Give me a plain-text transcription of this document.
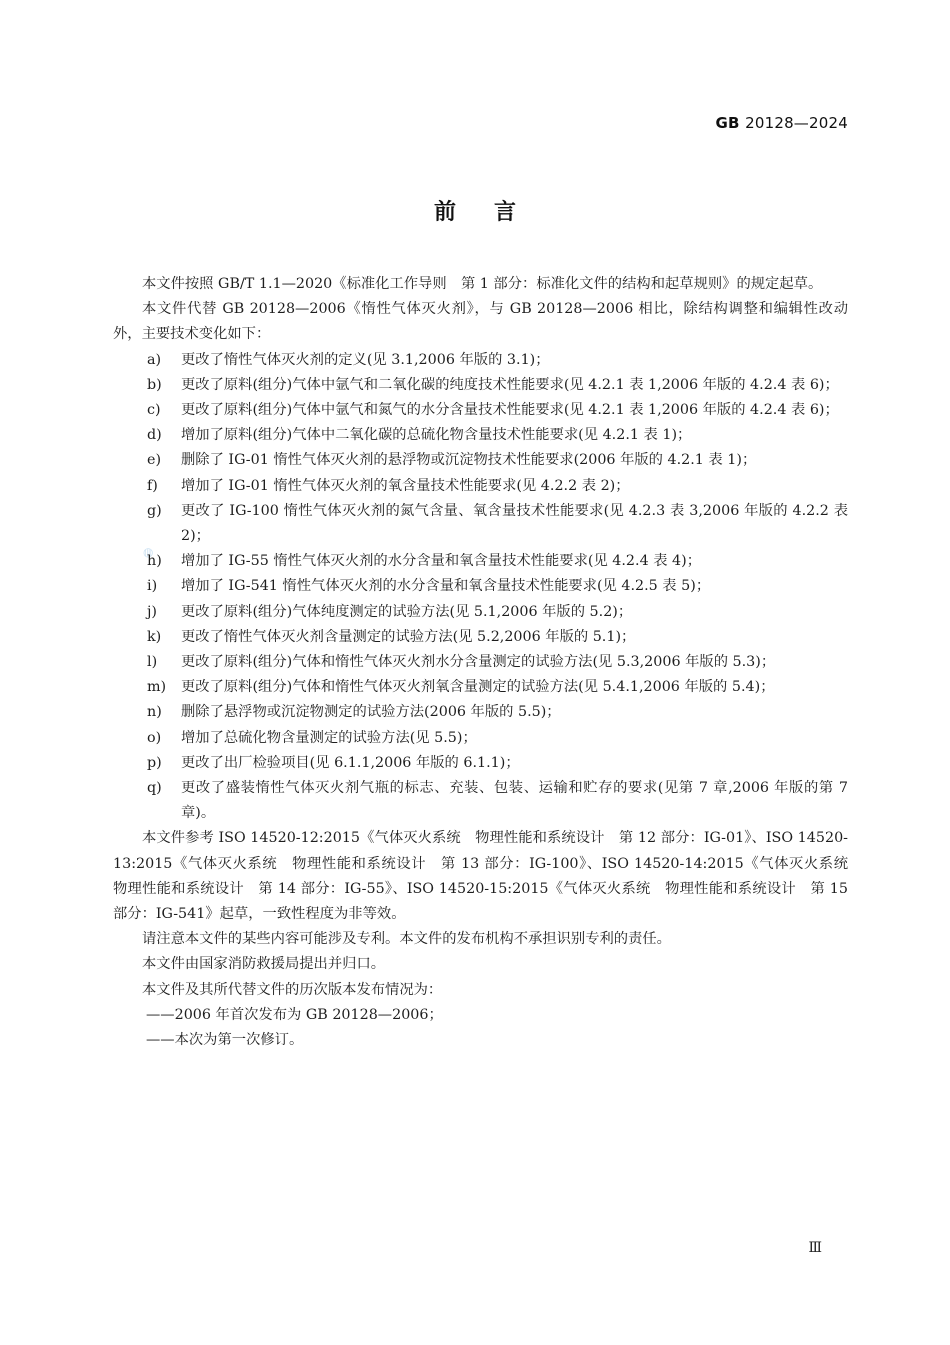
GB 20128—2024
前言
◍

本文件按照 GB/T 1.1—2020《标准化工作导则　第 1 部分：标准化文件的结构和起草规则》的规定起草。

本文件代替 GB 20128—2006《惰性气体灭火剂》，与 GB 20128—2006 相比，除结构调整和编辑性改动外，主要技术变化如下：

a)	更改了惰性气体灭火剂的定义(见 3.1,2006 年版的 3.1)；
b)	更改了原料(组分)气体中氩气和二氧化碳的纯度技术性能要求(见 4.2.1 表 1,2006 年版的 4.2.4 表 6)；
c)	更改了原料(组分)气体中氩气和氮气的水分含量技术性能要求(见 4.2.1 表 1,2006 年版的 4.2.4 表 6)；
d)	增加了原料(组分)气体中二氧化碳的总硫化物含量技术性能要求(见 4.2.1 表 1)；
e)	删除了 IG-01 惰性气体灭火剂的悬浮物或沉淀物技术性能要求(2006 年版的 4.2.1 表 1)；
f)	增加了 IG-01 惰性气体灭火剂的氧含量技术性能要求(见 4.2.2 表 2)；
g)	更改了 IG-100 惰性气体灭火剂的氮气含量、氧含量技术性能要求(见 4.2.3 表 3,2006 年版的 4.2.2 表 2)；
h)	增加了 IG-55 惰性气体灭火剂的水分含量和氧含量技术性能要求(见 4.2.4 表 4)；
i)	增加了 IG-541 惰性气体灭火剂的水分含量和氧含量技术性能要求(见 4.2.5 表 5)；
j)	更改了原料(组分)气体纯度测定的试验方法(见 5.1,2006 年版的 5.2)；
k)	更改了惰性气体灭火剂含量测定的试验方法(见 5.2,2006 年版的 5.1)；
l)	更改了原料(组分)气体和惰性气体灭火剂水分含量测定的试验方法(见 5.3,2006 年版的 5.3)；
m)	更改了原料(组分)气体和惰性气体灭火剂氧含量测定的试验方法(见 5.4.1,2006 年版的 5.4)；
n)	删除了悬浮物或沉淀物测定的试验方法(2006 年版的 5.5)；
o)	增加了总硫化物含量测定的试验方法(见 5.5)；
p)	更改了出厂检验项目(见 6.1.1,2006 年版的 6.1.1)；
q)	更改了盛装惰性气体灭火剂气瓶的标志、充装、包装、运输和贮存的要求(见第 7 章,2006 年版的第 7 章)。

本文件参考 ISO 14520-12:2015《气体灭火系统　物理性能和系统设计　第 12 部分：IG-01》、ISO 14520-13:2015《气体灭火系统　物理性能和系统设计　第 13 部分：IG-100》、ISO 14520-14:2015《气体灭火系统　物理性能和系统设计　第 14 部分：IG-55》、ISO 14520-15:2015《气体灭火系统　物理性能和系统设计　第 15 部分：IG-541》起草，一致性程度为非等效。

请注意本文件的某些内容可能涉及专利。本文件的发布机构不承担识别专利的责任。

本文件由国家消防救援局提出并归口。

本文件及其所代替文件的历次版本发布情况为：

——2006 年首次发布为 GB 20128—2006；

——本次为第一次修订。

Ⅲ
